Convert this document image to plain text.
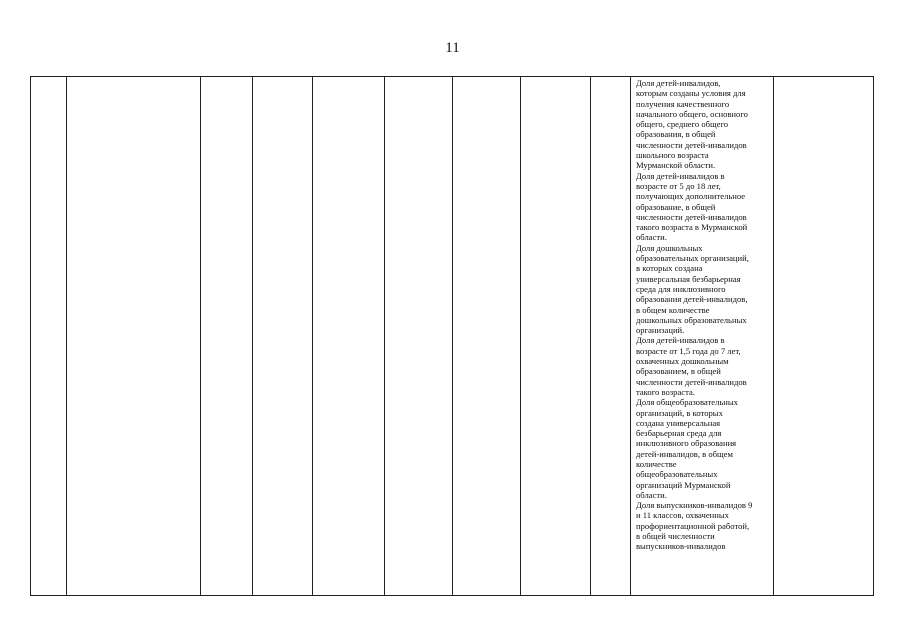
11

Доля детей-инвалидов,
которым созданы условия для
получения качественного
начального общего, основного
общего, среднего общего
образования, в общей
численности детей-инвалидов
школьного возраста
Мурманской области.
Доля детей-инвалидов в
возрасте от 5 до 18 лет,
получающих дополнительное
образование, в общей
численности детей-инвалидов
такого возраста в Мурманской
области.
Доля дошкольных
образовательных организаций,
в которых создана
универсальная безбарьерная
среда для инклюзивного
образования детей-инвалидов,
в общем количестве
дошкольных образовательных
организаций.
Доля детей-инвалидов в
возрасте от 1,5 года до 7 лет,
охваченных дошкольным
образованием, в общей
численности детей-инвалидов
такого возраста.
Доля общеобразовательных
организаций, в которых
создана универсальная
безбарьерная среда для
инклюзивного образования
детей-инвалидов, в общем
количестве
общеобразовательных
организаций Мурманской
области.
Доля выпускников-инвалидов 9
и 11 классов, охваченных
профориентационной работой,
в общей численности
выпускников-инвалидов
